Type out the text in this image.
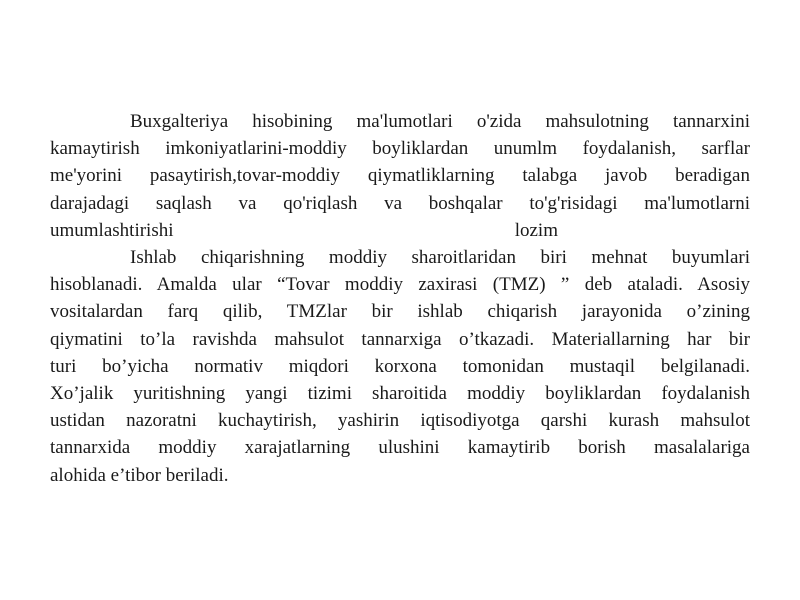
Buxgalteriya hisobining ma'lumotlari o'zida mahsulotning tannarxini
kamaytirish imkoniyatlarini-moddiy boyliklardan unumlm foydalanish, sarflar
me'yorini pasaytirish,tovar-moddiy qiymatliklarning talabga javob beradigan
darajadagi saqlash va qo'riqlash va boshqalar to'g'risidagi ma'lumotlarni
umumlashtirishi	lozim
Ishlab chiqarishning moddiy sharoitlaridan biri mehnat buyumlari
hisoblanadi. Amalda ular “Tovar moddiy zaxirasi (TMZ) ” deb ataladi. Asosiy
vositalardan farq qilib, TMZlar bir ishlab chiqarish jarayonida o’zining
qiymatini to’la ravishda mahsulot tannarxiga o’tkazadi. Materiallarning har bir
turi bo’yicha normativ miqdori korxona tomonidan mustaqil belgilanadi.
Xo’jalik yuritishning yangi tizimi sharoitida moddiy boyliklardan foydalanish
ustidan nazoratni kuchaytirish, yashirin iqtisodiyotga qarshi kurash mahsulot
tannarxida moddiy xarajatlarning ulushini kamaytirib borish masalalariga
alohida e’tibor beriladi.
